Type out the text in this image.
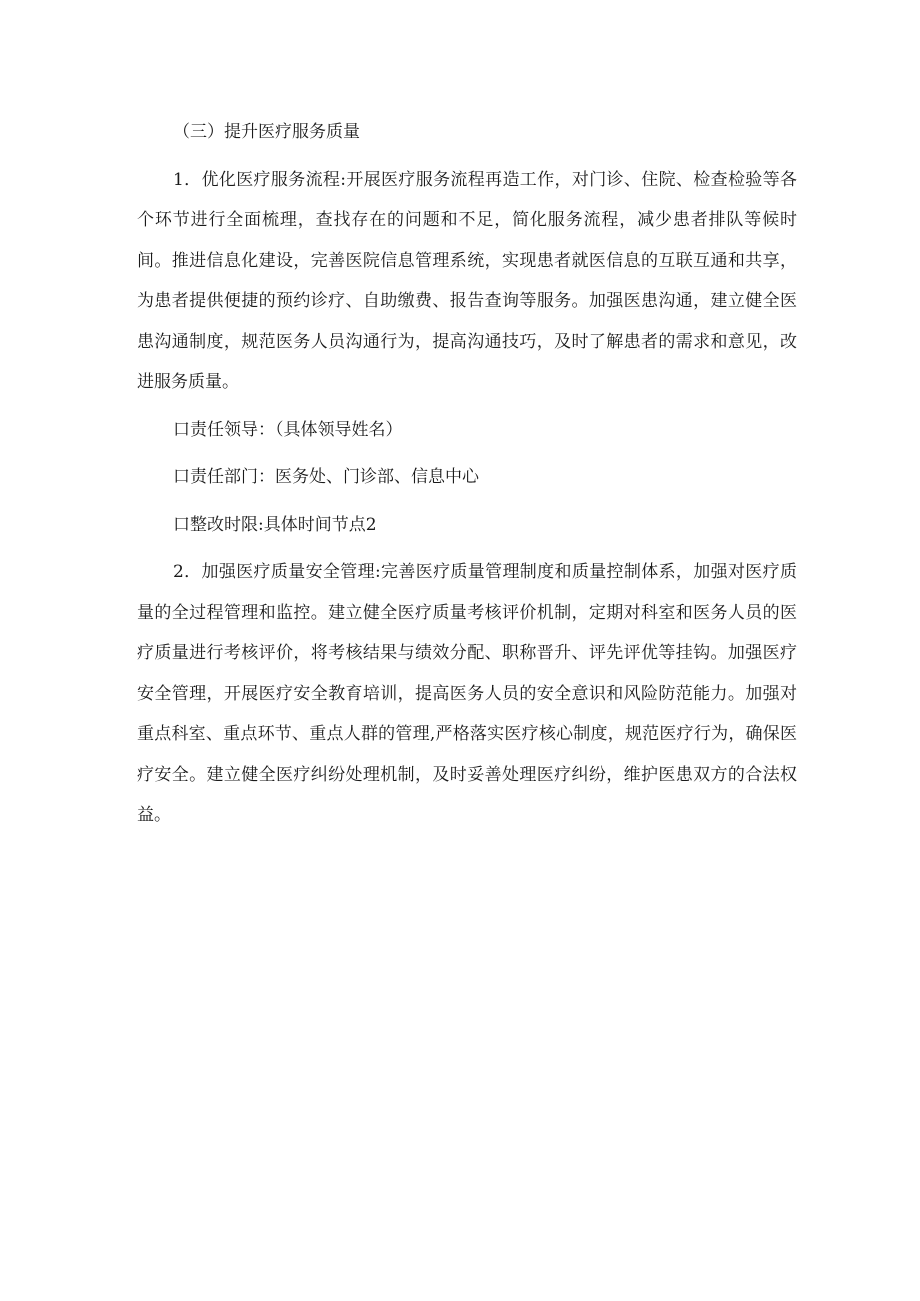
（三）提升医疗服务质量

1．优化医疗服务流程:开展医疗服务流程再造工作，对门诊、住院、检查检验等各个环节进行全面梳理，查找存在的问题和不足，简化服务流程，减少患者排队等候时间。推进信息化建设，完善医院信息管理系统，实现患者就医信息的互联互通和共享，为患者提供便捷的预约诊疗、自助缴费、报告查询等服务。加强医患沟通，建立健全医患沟通制度，规范医务人员沟通行为，提高沟通技巧，及时了解患者的需求和意见，改进服务质量。

口责任领导：（具体领导姓名）
口责任部门：医务处、门诊部、信息中心
口整改时限:具体时间节点2

2．加强医疗质量安全管理:完善医疗质量管理制度和质量控制体系，加强对医疗质量的全过程管理和监控。建立健全医疗质量考核评价机制，定期对科室和医务人员的医疗质量进行考核评价，将考核结果与绩效分配、职称晋升、评先评优等挂钩。加强医疗安全管理，开展医疗安全教育培训，提高医务人员的安全意识和风险防范能力。加强对重点科室、重点环节、重点人群的管理,严格落实医疗核心制度，规范医疗行为，确保医疗安全。建立健全医疗纠纷处理机制，及时妥善处理医疗纠纷，维护医患双方的合法权益。
